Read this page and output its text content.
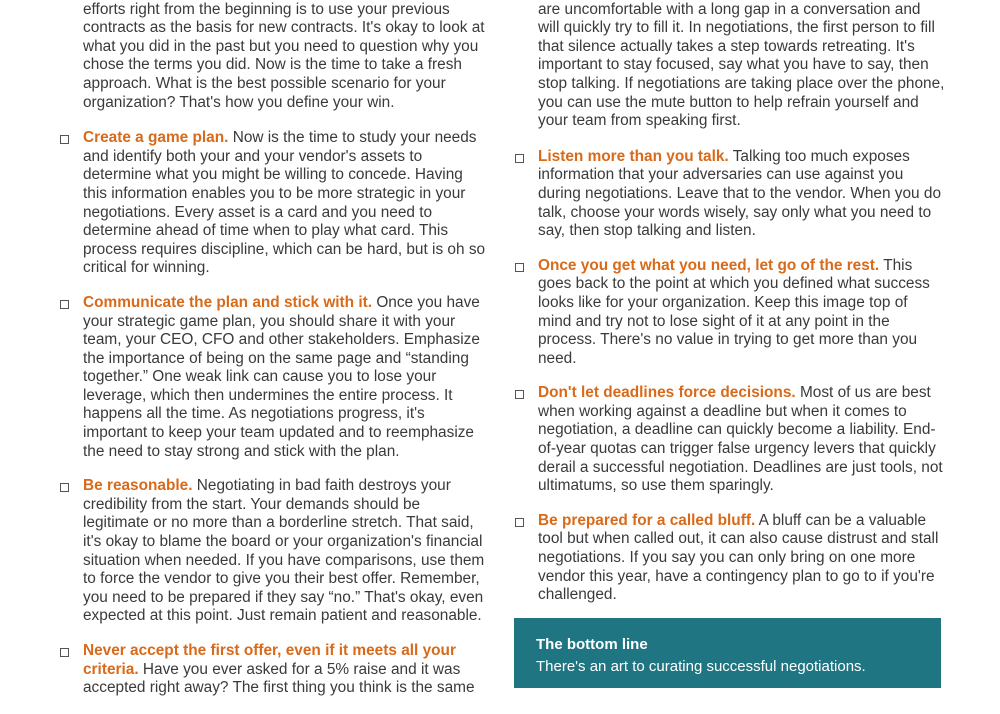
efforts right from the beginning is to use your previous contracts as the basis for new contracts. It's okay to look at what you did in the past but you need to question why you chose the terms you did. Now is the time to take a fresh approach. What is the best possible scenario for your organization? That's how you define your win.

Create a game plan. Now is the time to study your needs and identify both your and your vendor's assets to determine what you might be willing to concede. Having this information enables you to be more strategic in your negotiations. Every asset is a card and you need to determine ahead of time when to play what card. This process requires discipline, which can be hard, but is oh so critical for winning.

Communicate the plan and stick with it. Once you have your strategic game plan, you should share it with your team, your CEO, CFO and other stakeholders. Emphasize the importance of being on the same page and “standing together.” One weak link can cause you to lose your leverage, which then undermines the entire process. It happens all the time. As negotiations progress, it's important to keep your team updated and to reemphasize the need to stay strong and stick with the plan.

Be reasonable. Negotiating in bad faith destroys your credibility from the start. Your demands should be legitimate or no more than a borderline stretch. That said, it's okay to blame the board or your organization's financial situation when needed. If you have comparisons, use them to force the vendor to give you their best offer. Remember, you need to be prepared if they say “no.” That's okay, even expected at this point. Just remain patient and reasonable.

Never accept the first offer, even if it meets all your criteria. Have you ever asked for a 5% raise and it was accepted right away? The first thing you think is the same

are uncomfortable with a long gap in a conversation and will quickly try to fill it. In negotiations, the first person to fill that silence actually takes a step towards retreating. It's important to stay focused, say what you have to say, then stop talking. If negotiations are taking place over the phone, you can use the mute button to help refrain yourself and your team from speaking first.

Listen more than you talk. Talking too much exposes information that your adversaries can use against you during negotiations. Leave that to the vendor. When you do talk, choose your words wisely, say only what you need to say, then stop talking and listen.

Once you get what you need, let go of the rest. This goes back to the point at which you defined what success looks like for your organization. Keep this image top of mind and try not to lose sight of it at any point in the process. There's no value in trying to get more than you need.

Don't let deadlines force decisions. Most of us are best when working against a deadline but when it comes to negotiation, a deadline can quickly become a liability. End-of-year quotas can trigger false urgency levers that quickly derail a successful negotiation. Deadlines are just tools, not ultimatums, so use them sparingly.

Be prepared for a called bluff. A bluff can be a valuable tool but when called out, it can also cause distrust and stall negotiations. If you say you can only bring on one more vendor this year, have a contingency plan to go to if you're challenged.

The bottom line
There's an art to curating successful negotiations.
